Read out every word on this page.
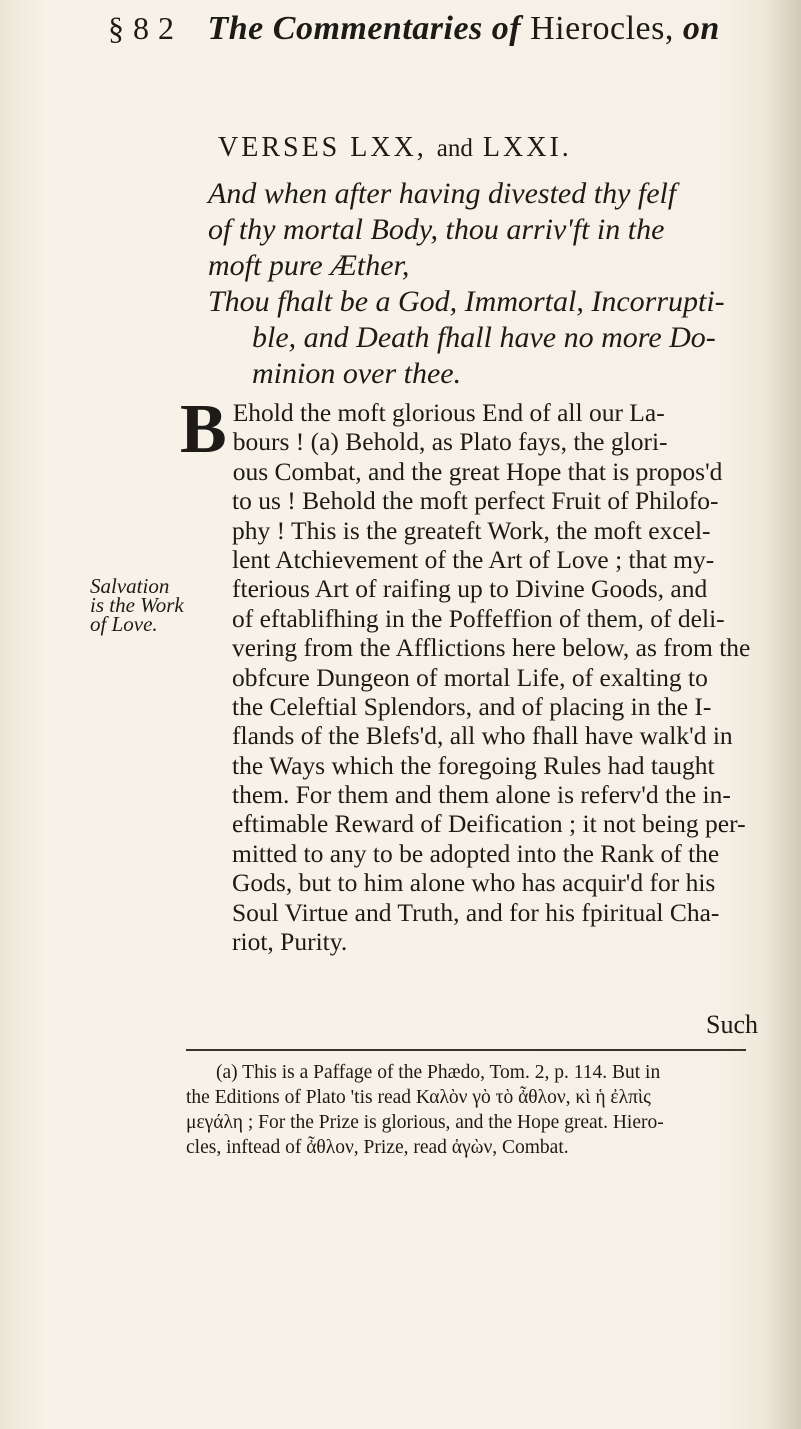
§ 8 2 The Commentaries of Hierocles, on
VERSES LXX, and LXXI.
And when after having divested thy felf
of thy mortal Body, thou arriv'ft in the
moft pure Æther,
Thou fhalt be a God, Immortal, Incorrupti-
ble, and Death fhall have no more Do-
minion over thee.
B Ehold the moft glorious End of all our La-
bours ! (a) Behold, as Plato fays, the glori-
ous Combat, and the great Hope that is propos'd
to us ! Behold the moft perfect Fruit of Philofo-
phy ! This is the greateft Work, the moft excel-
lent Atchievement of the Art of Love ; that my-
fterious Art of raifing up to Divine Goods, and
of eftablifhing in the Poffeffion of them, of deli-
vering from the Afflictions here below, as from the
obfcure Dungeon of mortal Life, of exalting to
the Celeftial Splendors, and of placing in the I-
flands of the Blefs'd, all who fhall have walk'd in
the Ways which the foregoing Rules had taught
them. For them and them alone is referv'd the in-
eftimable Reward of Deification ; it not being per-
mitted to any to be adopted into the Rank of the
Gods, but to him alone who has acquir'd for his
Soul Virtue and Truth, and for his fpiritual Cha-
riot, Purity.
Salvation
is the Work
of Love.
Such
(a) This is a Paffage of the Phædo, Tom. 2, p. 114. But in
the Editions of Plato 'tis read Καλὸν γὸ τὸ ἆθλον, κὶ ἡ ἐλπὶς
μεγάλη ; For the Prize is glorious, and the Hope great. Hiero-
cles, inftead of ἆθλον, Prize, read ἀγὼν, Combat.
